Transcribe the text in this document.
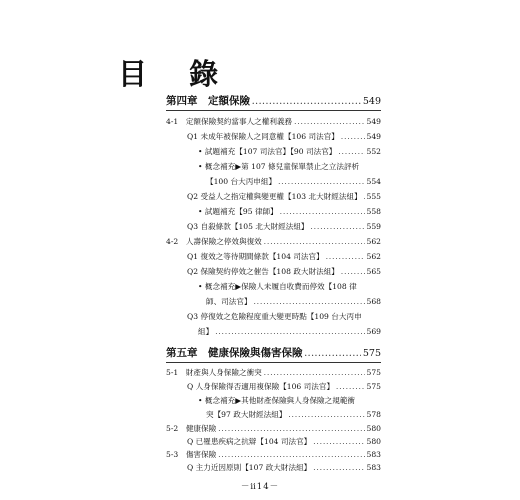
目 錄
第四章　定額保險 .....	549
4-1　定額保險契約當事人之權利義務 .....	549
Q1 未成年被保險人之同意權【106 司法官】 .....	549
• 試題補充【107 司法官】【90 司法官】 .....	552
• 概念補充▶第 107 條兒童保單禁止之立法評析
【100 台大丙申組】 .....	554
Q2 受益人之指定權與變更權【103 北大財經法組】 ..... 555
• 試題補充【95 律師】 .....	558
Q3 自殺條款【105 北大財經法組】 .....	559
4-2　人壽保險之停效與復效 .....	562
Q1 復效之等待期間條款【104 司法官】 .....	562
Q2 保險契約停效之催告【108 政大財法組】 .....	565
• 概念補充▶保險人未履自收費而停效【108 律
師、司法官】 .....	568
Q3 停復效之危險程度重大變更時點【109 台大丙申
組】 .....	569
第五章　健康保險與傷害保險 .....	575
5-1　財產與人身保險之衝突 .....	575
Q 人身保險得否適用複保險【106 司法官】 .....	575
• 概念補充▶其他財產保險與人身保險之規範衝
突【97 政大財經法組】 .....	578
5-2　健康保險 .....	580
Q 已罹患疾病之抗辯【104 司法官】 .....	580
5-3　傷害保險 .....	583
Q 主力近因原則【107 政大財法組】 .....	583
－ⅱ14－
